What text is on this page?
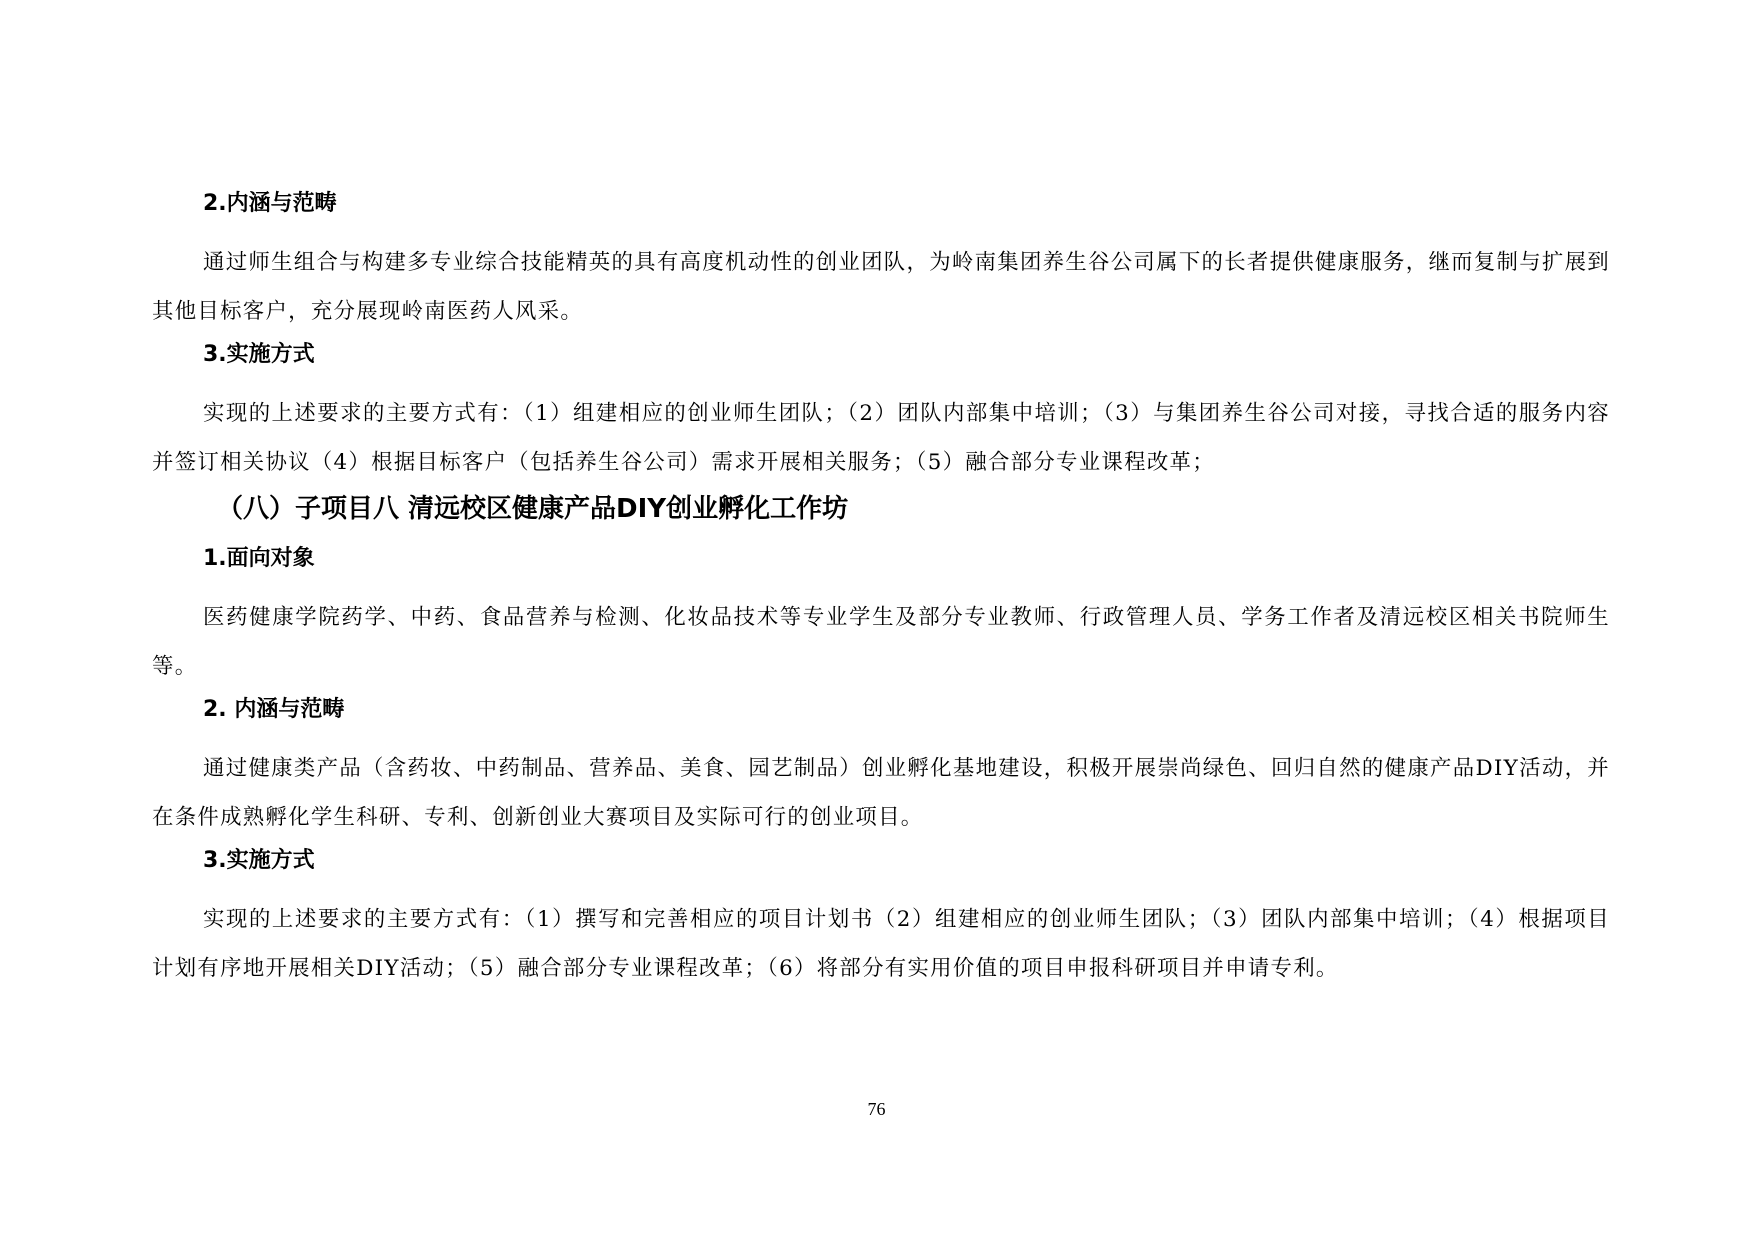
2.内涵与范畴

通过师生组合与构建多专业综合技能精英的具有高度机动性的创业团队，为岭南集团养生谷公司属下的长者提供健康服务，继而复制与扩展到其他目标客户，充分展现岭南医药人风采。

3.实施方式

实现的上述要求的主要方式有：（1）组建相应的创业师生团队；（2）团队内部集中培训；（3）与集团养生谷公司对接，寻找合适的服务内容并签订相关协议（4）根据目标客户（包括养生谷公司）需求开展相关服务；（5）融合部分专业课程改革；

（八）子项目八 清远校区健康产品DIY创业孵化工作坊
1.面向对象

医药健康学院药学、中药、食品营养与检测、化妆品技术等专业学生及部分专业教师、行政管理人员、学务工作者及清远校区相关书院师生等。

2. 内涵与范畴

通过健康类产品（含药妆、中药制品、营养品、美食、园艺制品）创业孵化基地建设，积极开展崇尚绿色、回归自然的健康产品DIY活动，并在条件成熟孵化学生科研、专利、创新创业大赛项目及实际可行的创业项目。

3.实施方式

实现的上述要求的主要方式有：（1）撰写和完善相应的项目计划书（2）组建相应的创业师生团队；（3）团队内部集中培训；（4）根据项目计划有序地开展相关DIY活动；（5）融合部分专业课程改革；（6）将部分有实用价值的项目申报科研项目并申请专利。

76
